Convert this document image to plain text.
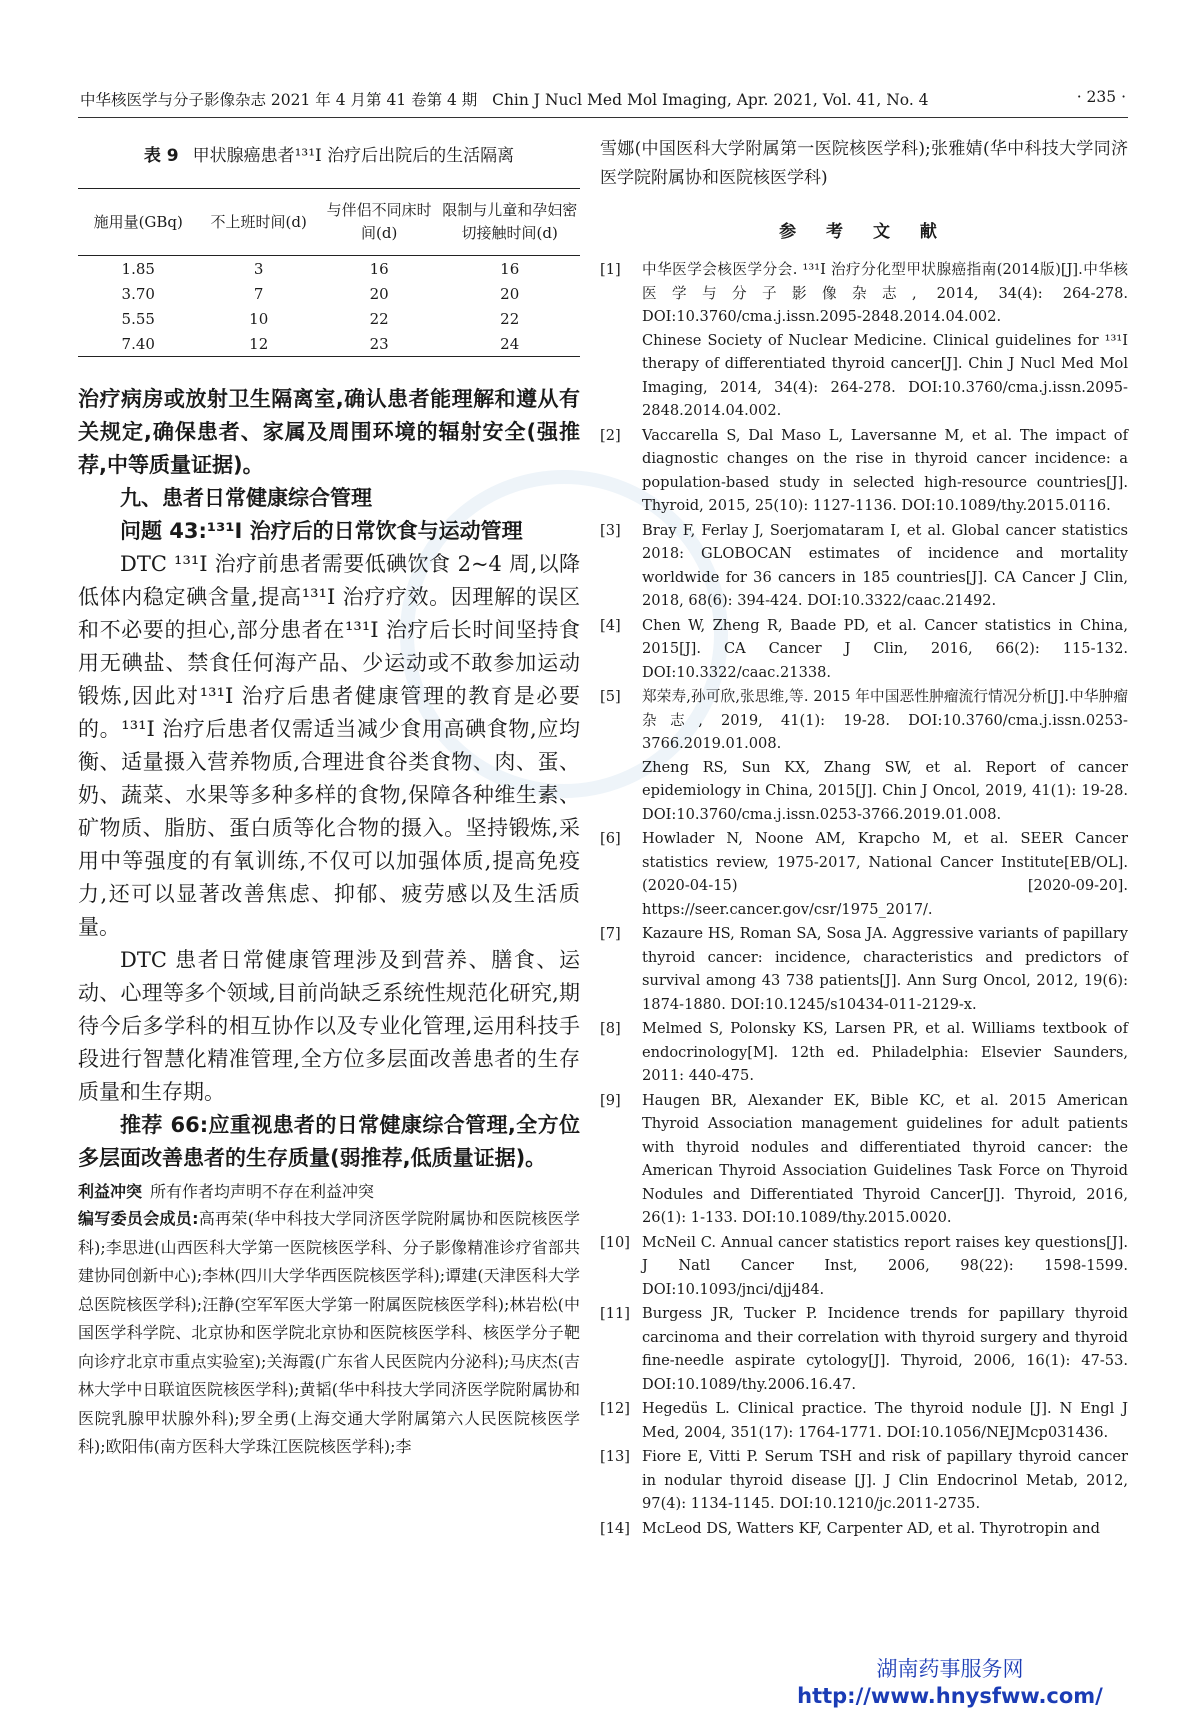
中华核医学与分子影像杂志 2021 年 4 月第 41 卷第 4 期 Chin J Nucl Med Mol Imaging, Apr. 2021, Vol. 41, No. 4	· 235 ·
表 9 甲状腺癌患者¹³¹I 治疗后出院后的生活隔离
施用量(GBq)	不上班时间(d)	与伴侣不同床时间(d)	限制与儿童和孕妇密切接触时间(d)
1.85	3	16	16
3.70	7	20	20
5.55	10	22	22
7.40	12	23	24

治疗病房或放射卫生隔离室,确认患者能理解和遵从有关规定,确保患者、家属及周围环境的辐射安全(强推荐,中等质量证据)。

九、患者日常健康综合管理

问题 43:¹³¹I 治疗后的日常饮食与运动管理

DTC ¹³¹I 治疗前患者需要低碘饮食 2~4 周,以降低体内稳定碘含量,提高¹³¹I 治疗疗效。因理解的误区和不必要的担心,部分患者在¹³¹I 治疗后长时间坚持食用无碘盐、禁食任何海产品、少运动或不敢参加运动锻炼,因此对¹³¹I 治疗后患者健康管理的教育是必要的。¹³¹I 治疗后患者仅需适当减少食用高碘食物,应均衡、适量摄入营养物质,合理进食谷类食物、肉、蛋、奶、蔬菜、水果等多种多样的食物,保障各种维生素、矿物质、脂肪、蛋白质等化合物的摄入。坚持锻炼,采用中等强度的有氧训练,不仅可以加强体质,提高免疫力,还可以显著改善焦虑、抑郁、疲劳感以及生活质量。

DTC 患者日常健康管理涉及到营养、膳食、运动、心理等多个领域,目前尚缺乏系统性规范化研究,期待今后多学科的相互协作以及专业化管理,运用科技手段进行智慧化精准管理,全方位多层面改善患者的生存质量和生存期。

推荐 66:应重视患者的日常健康综合管理,全方位多层面改善患者的生存质量(弱推荐,低质量证据)。

利益冲突 所有作者均声明不存在利益冲突

编写委员会成员:高再荣(华中科技大学同济医学院附属协和医院核医学科);李思进(山西医科大学第一医院核医学科、分子影像精准诊疗省部共建协同创新中心);李林(四川大学华西医院核医学科);谭建(天津医科大学总医院核医学科);汪静(空军军医大学第一附属医院核医学科);林岩松(中国医学科学院、北京协和医学院北京协和医院核医学科、核医学分子靶向诊疗北京市重点实验室);关海霞(广东省人民医院内分泌科);马庆杰(吉林大学中日联谊医院核医学科);黄韬(华中科技大学同济医学院附属协和医院乳腺甲状腺外科);罗全勇(上海交通大学附属第六人民医院核医学科);欧阳伟(南方医科大学珠江医院核医学科);李

雪娜(中国医科大学附属第一医院核医学科);张雅婧(华中科技大学同济医学院附属协和医院核医学科)

参 考 文 献
[1]	中华医学会核医学分会. ¹³¹I 治疗分化型甲状腺癌指南(2014版)[J].中华核医学与分子影像杂志, 2014, 34(4): 264-278. DOI:10.3760/cma.j.issn.2095-2848.2014.04.002.
Chinese Society of Nuclear Medicine. Clinical guidelines for ¹³¹I therapy of differentiated thyroid cancer[J]. Chin J Nucl Med Mol Imaging, 2014, 34(4): 264-278. DOI:10.3760/cma.j.issn.2095-2848.2014.04.002.
[2]	Vaccarella S, Dal Maso L, Laversanne M, et al. The impact of diagnostic changes on the rise in thyroid cancer incidence: a population-based study in selected high-resource countries[J]. Thyroid, 2015, 25(10): 1127-1136. DOI:10.1089/thy.2015.0116.
[3]	Bray F, Ferlay J, Soerjomataram I, et al. Global cancer statistics 2018: GLOBOCAN estimates of incidence and mortality worldwide for 36 cancers in 185 countries[J]. CA Cancer J Clin, 2018, 68(6): 394-424. DOI:10.3322/caac.21492.
[4]	Chen W, Zheng R, Baade PD, et al. Cancer statistics in China, 2015[J]. CA Cancer J Clin, 2016, 66(2): 115-132. DOI:10.3322/caac.21338.
[5]	郑荣寿,孙可欣,张思维,等. 2015 年中国恶性肿瘤流行情况分析[J].中华肿瘤杂志, 2019, 41(1): 19-28. DOI:10.3760/cma.j.issn.0253-3766.2019.01.008.
Zheng RS, Sun KX, Zhang SW, et al. Report of cancer epidemiology in China, 2015[J]. Chin J Oncol, 2019, 41(1): 19-28. DOI:10.3760/cma.j.issn.0253-3766.2019.01.008.
[6]	Howlader N, Noone AM, Krapcho M, et al. SEER Cancer statistics review, 1975-2017, National Cancer Institute[EB/OL]. (2020-04-15) [2020-09-20]. https://seer.cancer.gov/csr/1975_2017/.
[7]	Kazaure HS, Roman SA, Sosa JA. Aggressive variants of papillary thyroid cancer: incidence, characteristics and predictors of survival among 43 738 patients[J]. Ann Surg Oncol, 2012, 19(6): 1874-1880. DOI:10.1245/s10434-011-2129-x.
[8]	Melmed S, Polonsky KS, Larsen PR, et al. Williams textbook of endocrinology[M]. 12th ed. Philadelphia: Elsevier Saunders, 2011: 440-475.
[9]	Haugen BR, Alexander EK, Bible KC, et al. 2015 American Thyroid Association management guidelines for adult patients with thyroid nodules and differentiated thyroid cancer: the American Thyroid Association Guidelines Task Force on Thyroid Nodules and Differentiated Thyroid Cancer[J]. Thyroid, 2016, 26(1): 1-133. DOI:10.1089/thy.2015.0020.
[10] McNeil C. Annual cancer statistics report raises key questions[J]. J Natl Cancer Inst, 2006, 98(22): 1598-1599. DOI:10.1093/jnci/djj484.
[11] Burgess JR, Tucker P. Incidence trends for papillary thyroid carcinoma and their correlation with thyroid surgery and thyroid fine-needle aspirate cytology[J]. Thyroid, 2006, 16(1): 47-53. DOI:10.1089/thy.2006.16.47.
[12] Hegedüs L. Clinical practice. The thyroid nodule [J]. N Engl J Med, 2004, 351(17): 1764-1771. DOI:10.1056/NEJMcp031436.
[13] Fiore E, Vitti P. Serum TSH and risk of papillary thyroid cancer in nodular thyroid disease [J]. J Clin Endocrinol Metab, 2012, 97(4): 1134-1145. DOI:10.1210/jc.2011-2735.
[14] McLeod DS, Watters KF, Carpenter AD, et al. Thyrotropin and
湖南药事服务网
http://www.hnysfww.com/
